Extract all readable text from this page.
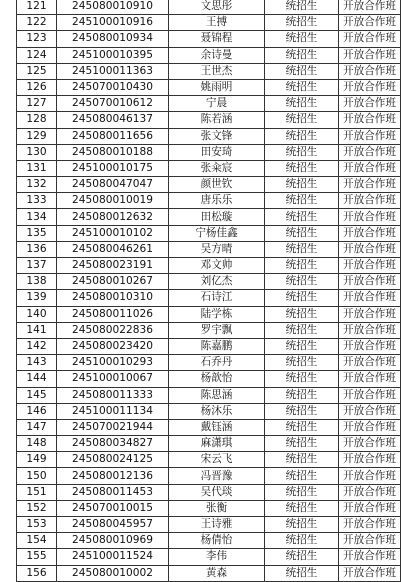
121	245080010910	文思彤	统招生	开放合作班
122	245100010916	王搏	统招生	开放合作班
123	245080010934	聂锦程	统招生	开放合作班
124	245100010395	余诗曼	统招生	开放合作班
125	245100011363	王世杰	统招生	开放合作班
126	245070010430	姚雨明	统招生	开放合作班
127	245070010612	宁晨	统招生	开放合作班
128	245080046137	陈若涵	统招生	开放合作班
129	245080011656	张文锋	统招生	开放合作班
130	245080010188	田安琦	统招生	开放合作班
131	245100010175	张籴宸	统招生	开放合作班
132	245080047047	颜世钦	统招生	开放合作班
133	245080010019	唐乐乐	统招生	开放合作班
134	245080012632	田松璇	统招生	开放合作班
135	245100010102	宁杨佳鑫	统招生	开放合作班
136	245080046261	吴方晴	统招生	开放合作班
137	245080023191	邓文帅	统招生	开放合作班
138	245080010267	刘亿杰	统招生	开放合作班
139	245080010310	石诗江	统招生	开放合作班
140	245080011026	陆学栋	统招生	开放合作班
141	245080022836	罗宇飘	统招生	开放合作班
142	245080023420	陈嘉鹏	统招生	开放合作班
143	245100010293	石乔丹	统招生	开放合作班
144	245100010067	杨歆怡	统招生	开放合作班
145	245080011333	陈思涵	统招生	开放合作班
146	245100011134	杨沐乐	统招生	开放合作班
147	245070021944	戴钰涵	统招生	开放合作班
148	245080034827	麻潇琪	统招生	开放合作班
149	245080024125	宋云飞	统招生	开放合作班
150	245080012136	冯晋豫	统招生	开放合作班
151	245080011453	吴代琰	统招生	开放合作班
152	245070010015	张衡	统招生	开放合作班
153	245080045957	王诗雅	统招生	开放合作班
154	245080010969	杨倩怡	统招生	开放合作班
155	245100011524	李伟	统招生	开放合作班
156	245080010002	黄森	统招生	开放合作班
